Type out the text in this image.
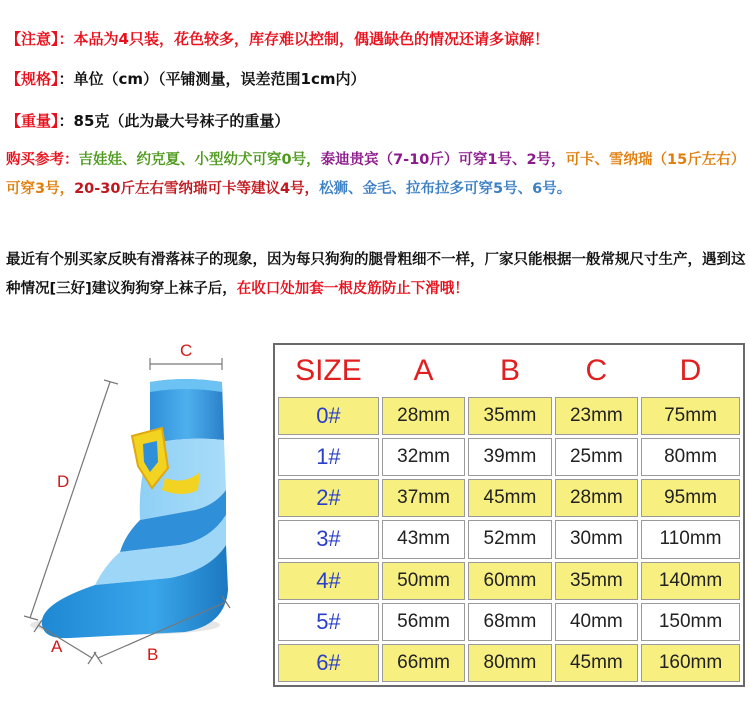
【注意】：本品为4只装，花色较多，库存难以控制，偶遇缺色的情况还请多谅解！
【规格】：单位（cm）（平铺测量，误差范围1cm内）
【重量】：85克（此为最大号袜子的重量）
购买参考：吉娃娃、约克夏、小型幼犬可穿0号，泰迪贵宾（7-10斤）可穿1号、2号，可卡、雪纳瑞（15斤左右）可穿3号，20-30斤左右雪纳瑞可卡等建议4号，松狮、金毛、拉布拉多可穿5号、6号。
最近有个别买家反映有滑落袜子的现象，因为每只狗狗的腿骨粗细不一样，厂家只能根据一般常规尺寸生产，遇到这种情况[三好]建议狗狗穿上袜子后，在收口处加套一根皮筋防止下滑哦！
C
D
A	B
SIZE	A	B	C	D
0#	28mm	35mm	23mm	75mm
1#	32mm	39mm	25mm	80mm
2#	37mm	45mm	28mm	95mm
3#	43mm	52mm	30mm	110mm
4#	50mm	60mm	35mm	140mm
5#	56mm	68mm	40mm	150mm
6#	66mm	80mm	45mm	160mm
